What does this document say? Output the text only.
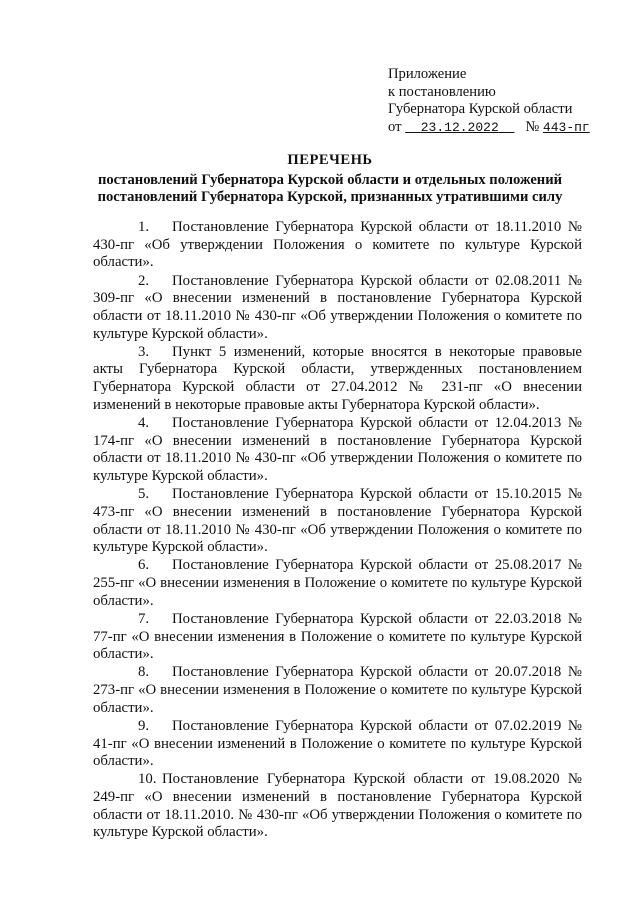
Приложение
к постановлению
Губернатора Курской области
от 23.12.2022 № 443-пг
ПЕРЕЧЕНЬ
постановлений Губернатора Курской области и отдельных положений
постановлений Губернатора Курской, признанных утратившими силу

1. Постановление Губернатора Курской области от 18.11.2010 № 430-пг «Об утверждении Положения о комитете по культуре Курской области».

2. Постановление Губернатора Курской области от 02.08.2011 № 309-пг «О внесении изменений в постановление Губернатора Курской области от 18.11.2010 № 430-пг «Об утверждении Положения о комитете по культуре Курской области».

3. Пункт 5 изменений, которые вносятся в некоторые правовые акты Губернатора Курской области, утвержденных постановлением Губернатора Курской области от 27.04.2012 № 231-пг «О внесении изменений в некоторые правовые акты Губернатора Курской области».

4. Постановление Губернатора Курской области от 12.04.2013 № 174-пг «О внесении изменений в постановление Губернатора Курской области от 18.11.2010 № 430-пг «Об утверждении Положения о комитете по культуре Курской области».

5. Постановление Губернатора Курской области от 15.10.2015 № 473-пг «О внесении изменений в постановление Губернатора Курской области от 18.11.2010 № 430-пг «Об утверждении Положения о комитете по культуре Курской области».

6. Постановление Губернатора Курской области от 25.08.2017 № 255-пг «О внесении изменения в Положение о комитете по культуре Курской области».

7. Постановление Губернатора Курской области от 22.03.2018 № 77-пг «О внесении изменения в Положение о комитете по культуре Курской области».

8. Постановление Губернатора Курской области от 20.07.2018 № 273-пг «О внесении изменения в Положение о комитете по культуре Курской области».

9. Постановление Губернатора Курской области от 07.02.2019 № 41-пг «О внесении изменений в Положение о комитете по культуре Курской области».

10. Постановление Губернатора Курской области от 19.08.2020 № 249-пг «О внесении изменений в постановление Губернатора Курской области от 18.11.2010. № 430-пг «Об утверждении Положения о комитете по культуре Курской области».
